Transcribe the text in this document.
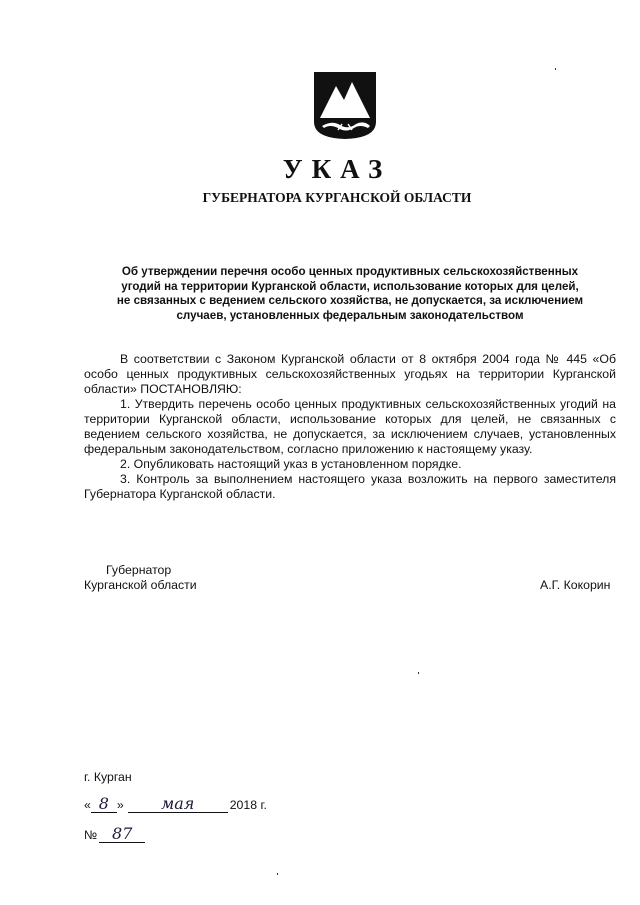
УКАЗ
ГУБЕРНАТОРА КУРГАНСКОЙ ОБЛАСТИ
Об утверждении перечня особо ценных продуктивных сельскохозяйственных
угодий на территории Курганской области, использование которых для целей,
не связанных с ведением сельского хозяйства, не допускается, за исключением
случаев, установленных федеральным законодательством

В соответствии с Законом Курганской области от 8 октября 2004 года № 445 «Об особо ценных продуктивных сельскохозяйственных угодьях на территории Курганской области» ПОСТАНОВЛЯЮ:

1. Утвердить перечень особо ценных продуктивных сельскохозяйственных угодий на территории Курганской области, использование которых для целей, не связанных с ведением сельского хозяйства, не допускается, за исключением случаев, установленных федеральным законодательством, согласно приложению к настоящему указу.

2. Опубликовать настоящий указ в установленном порядке.

3. Контроль за выполнением настоящего указа возложить на первого заместителя Губернатора Курганской области.

Губернатор
Курганской области	А.Г. Кокорин
г. Курган
« 8 » мая	2018 г.
№ 87
